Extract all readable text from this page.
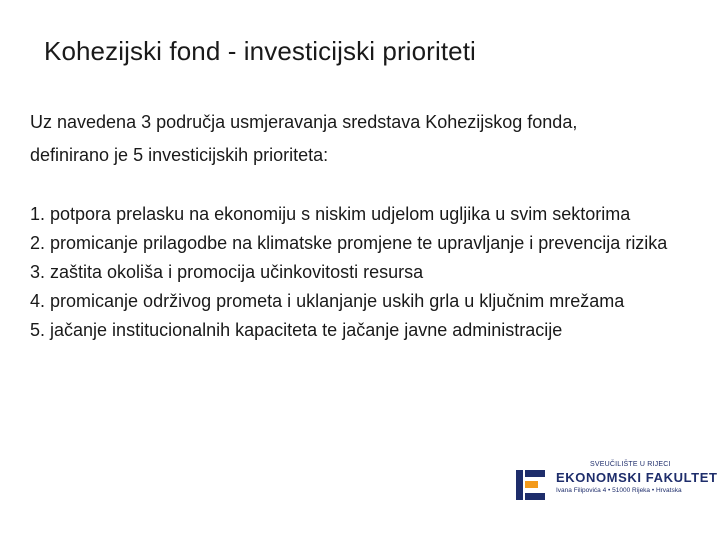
Kohezijski fond - investicijski prioriteti
Uz navedena 3 područja usmjeravanja sredstava Kohezijskog fonda,
definirano je 5 investicijskih prioriteta:
1. potpora prelasku na ekonomiju s niskim udjelom ugljika u svim sektorima
2. promicanje prilagodbe na klimatske promjene te upravljanje i prevencija rizika
3. zaštita okoliša i promocija učinkovitosti resursa
4. promicanje održivog prometa i uklanjanje uskih grla u ključnim mrežama
5. jačanje institucionalnih kapaciteta te jačanje javne administracije
SVEUČILIŠTE U RIJECI
EKONOMSKI FAKULTET
Ivana Filipovića 4 • 51000 Rijeka • Hrvatska
